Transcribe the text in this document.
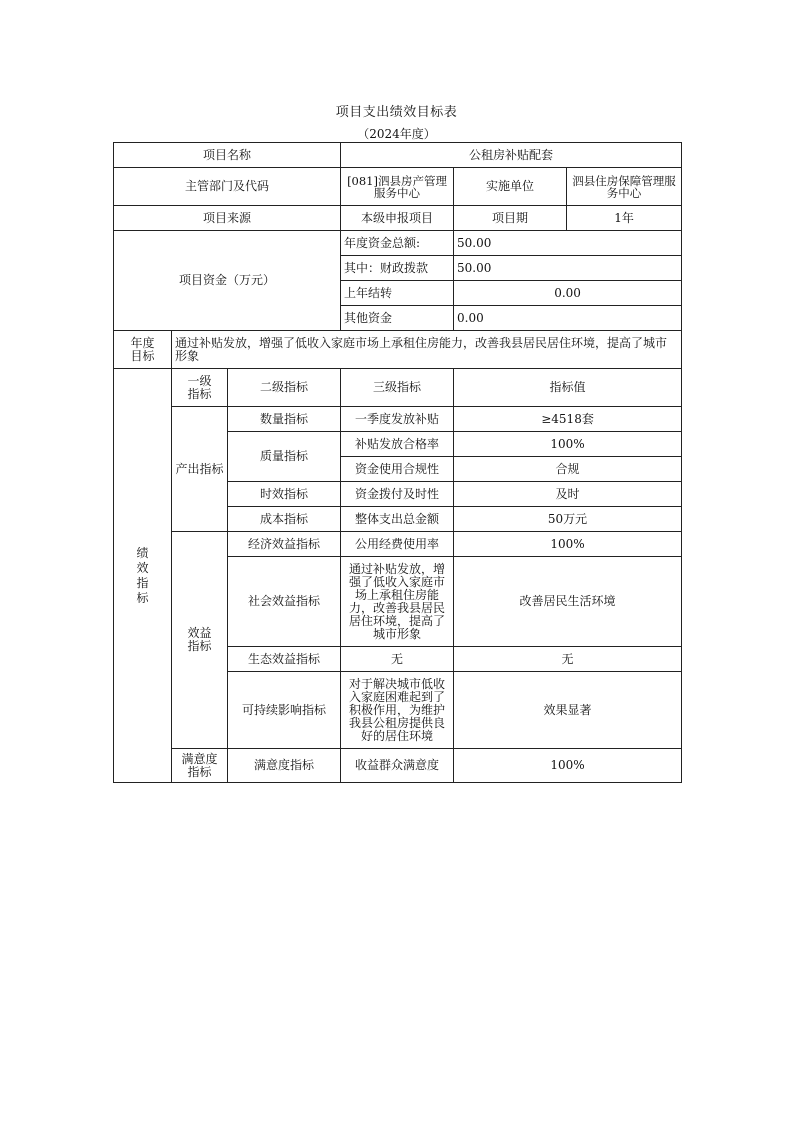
项目支出绩效目标表
（2024年度）
项目名称			公租房补贴配套		
主管部门及代码			[081]泗县房产管理服务中心	实施单位	泗县住房保障管理服务中心
项目来源			本级申报项目	项目期	1年
项目资金（万元）			年度资金总额:	50.00	
			其中：财政拨款	50.00	
			上年结转	0.00	
			其他资金	0.00	
年度目标	通过补贴发放，增强了低收入家庭市场上承租住房能力，改善我县居民居住环境，提高了城市形象				
绩效指标	一级指标	二级指标	三级指标	指标值	
	产出指标	数量指标	一季度发放补贴	≥4518套	
		质量指标	补贴发放合格率	100%	
			资金使用合规性	合规	
		时效指标	资金拨付及时性	及时	
		成本指标	整体支出总金额	50万元	
	效益指标	经济效益指标	公用经费使用率	100%	
		社会效益指标	通过补贴发放，增强了低收入家庭市场上承租住房能力，改善我县居民居住环境，提高了城市形象	改善居民生活环境	
		生态效益指标	无	无	
		可持续影响指标	对于解决城市低收入家庭困难起到了积极作用，为维护我县公租房提供良好的居住环境	效果显著	
	满意度指标	满意度指标	收益群众满意度	100%	
